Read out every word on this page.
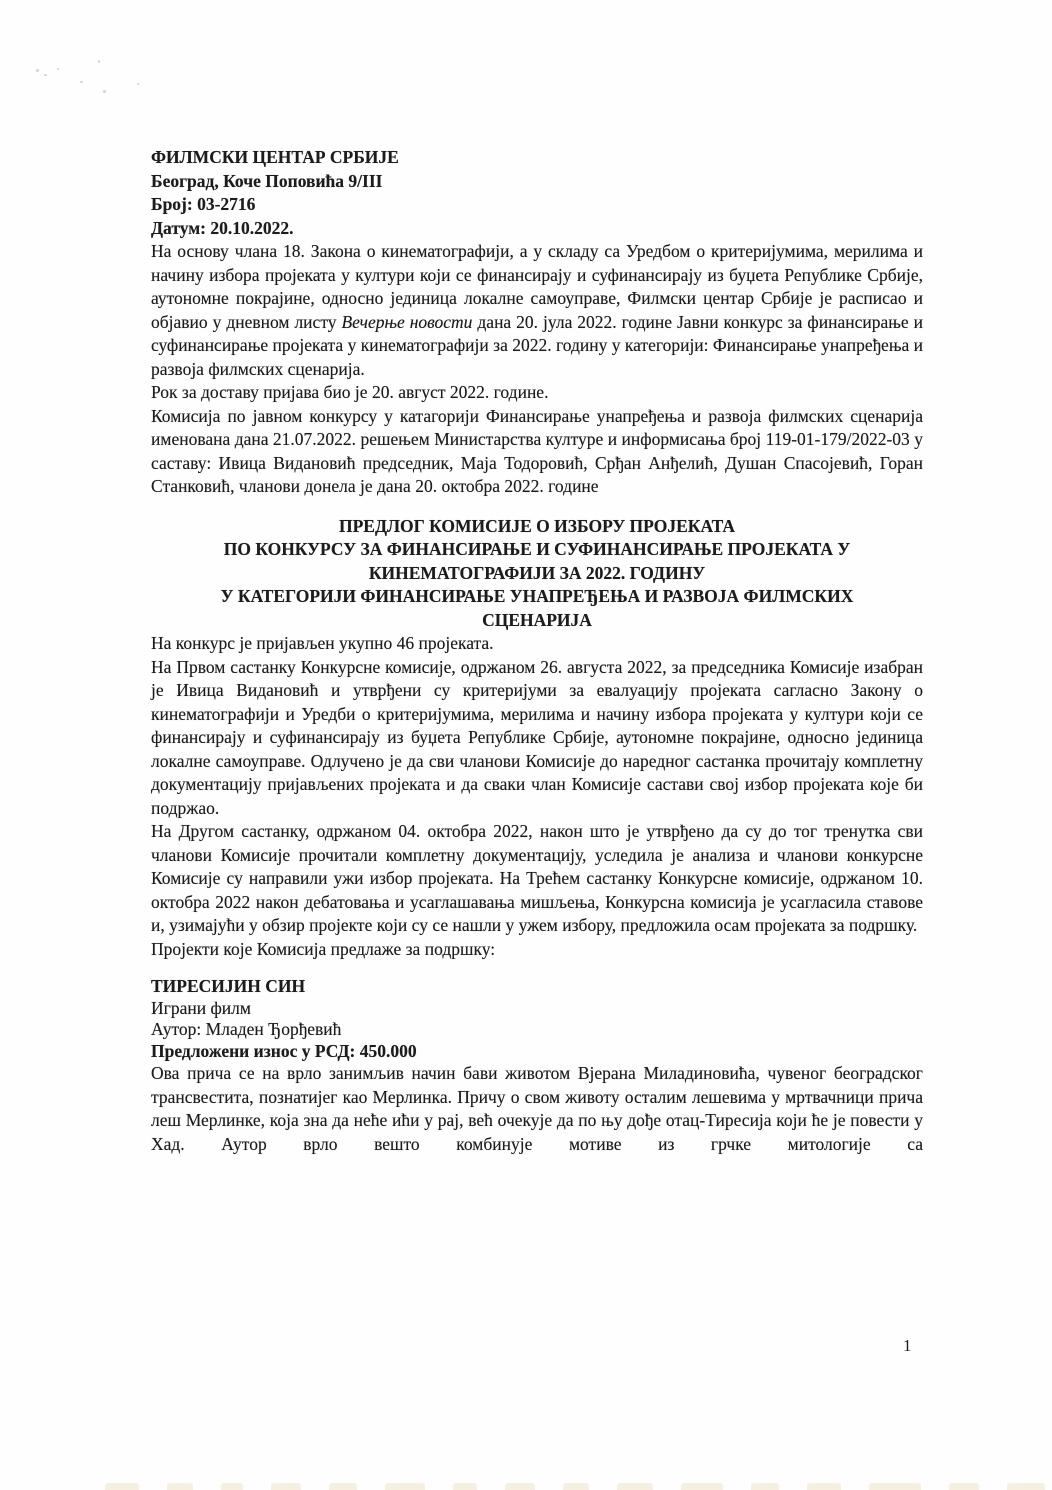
ФИЛМСКИ ЦЕНТАР СРБИЈЕ

Београд, Коче Поповића 9/III

Број: 03-2716

Датум: 20.10.2022.

На основу члана 18. Закона о кинематографији, а у складу са Уредбом о критеријумима, мерилима и начину избора пројеката у култури који се финансирају и суфинансирају из буџета Републике Србије, аутономне покрајине, односно јединица локалне самоуправе, Филмски центар Србије је расписао и објавио у дневном листу Вечерње новости дана 20. јула 2022. године Јавни конкурс за финансирање и суфинансирање пројеката у кинематографији за 2022. годину у категорији: Финансирање унапређења и развоја филмских сценарија.

Рок за доставу пријава био је 20. август 2022. године.

Комисија по јавном конкурсу у катагорији Финансирање унапређења и развоја филмских сценарија именована дана 21.07.2022. решењем Министарства културе и информисања број 119-01-179/2022-03 у саставу: Ивица Видановић председник, Маја Тодоровић, Срђан Анђелић, Душан Спасојевић, Горан Станковић, чланови донела је дана 20. октобра 2022. године

ПРЕДЛОГ КОМИСИЈЕ О ИЗБОРУ ПРОЈЕКАТА

ПО КОНКУРСУ ЗА ФИНАНСИРАЊЕ И СУФИНАНСИРАЊЕ ПРОЈЕКАТА У

КИНЕМАТОГРАФИЈИ ЗА 2022. ГОДИНУ

У КАТЕГОРИЈИ ФИНАНСИРАЊЕ УНАПРЕЂЕЊА И РАЗВОЈА ФИЛМСКИХ

СЦЕНАРИЈА

На конкурс је пријављен укупно 46 пројеката.

На Првом састанку Конкурсне комисије, одржаном 26. августа 2022, за председника Комисије изабран је Ивица Видановић и утврђени су критеријуми за евалуацију пројеката сагласно Закону о кинематографији и Уредби о критеријумима, мерилима и начину избора пројеката у култури који се финансирају и суфинансирају из буџета Републике Србије, аутономне покрајине, односно јединица локалне самоуправе. Одлучено је да сви чланови Комисије до наредног састанка прочитају комплетну документацију пријављених пројеката и да сваки члан Комисије састави свој избор пројеката које би подржао.

На Другом састанку, одржаном 04. октобра 2022, након што је утврђено да су до тог тренутка сви чланови Комисије прочитали комплетну документацију, уследила је анализа и чланови конкурсне Комисије су направили ужи избор пројеката. На Трећем састанку Конкурсне комисије, одржаном 10. октобра 2022 након дебатовања и усаглашавања мишљења, Конкурсна комисија је усагласила ставове и, узимајући у обзир пројекте који су се нашли у ужем избору, предложила осам пројеката за подршку.

Пројекти које Комисија предлаже за подршку:

ТИРЕСИЈИН СИН

Играни филм

Аутор: Младен Ђорђевић

Предложени износ у РСД: 450.000

Ова прича се на врло занимљив начин бави животом Вјерана Миладиновића, чувеног београдског трансвестита, познатијег као Мерлинка. Причу о свом животу осталим лешевима у мртвачници прича леш Мерлинке, која зна да неће ићи у рај, већ очекује да по њу дође отац-Тиресија који ће је повести у Хад. Аутор врло вешто комбинује мотиве из грчке митологије са

1
